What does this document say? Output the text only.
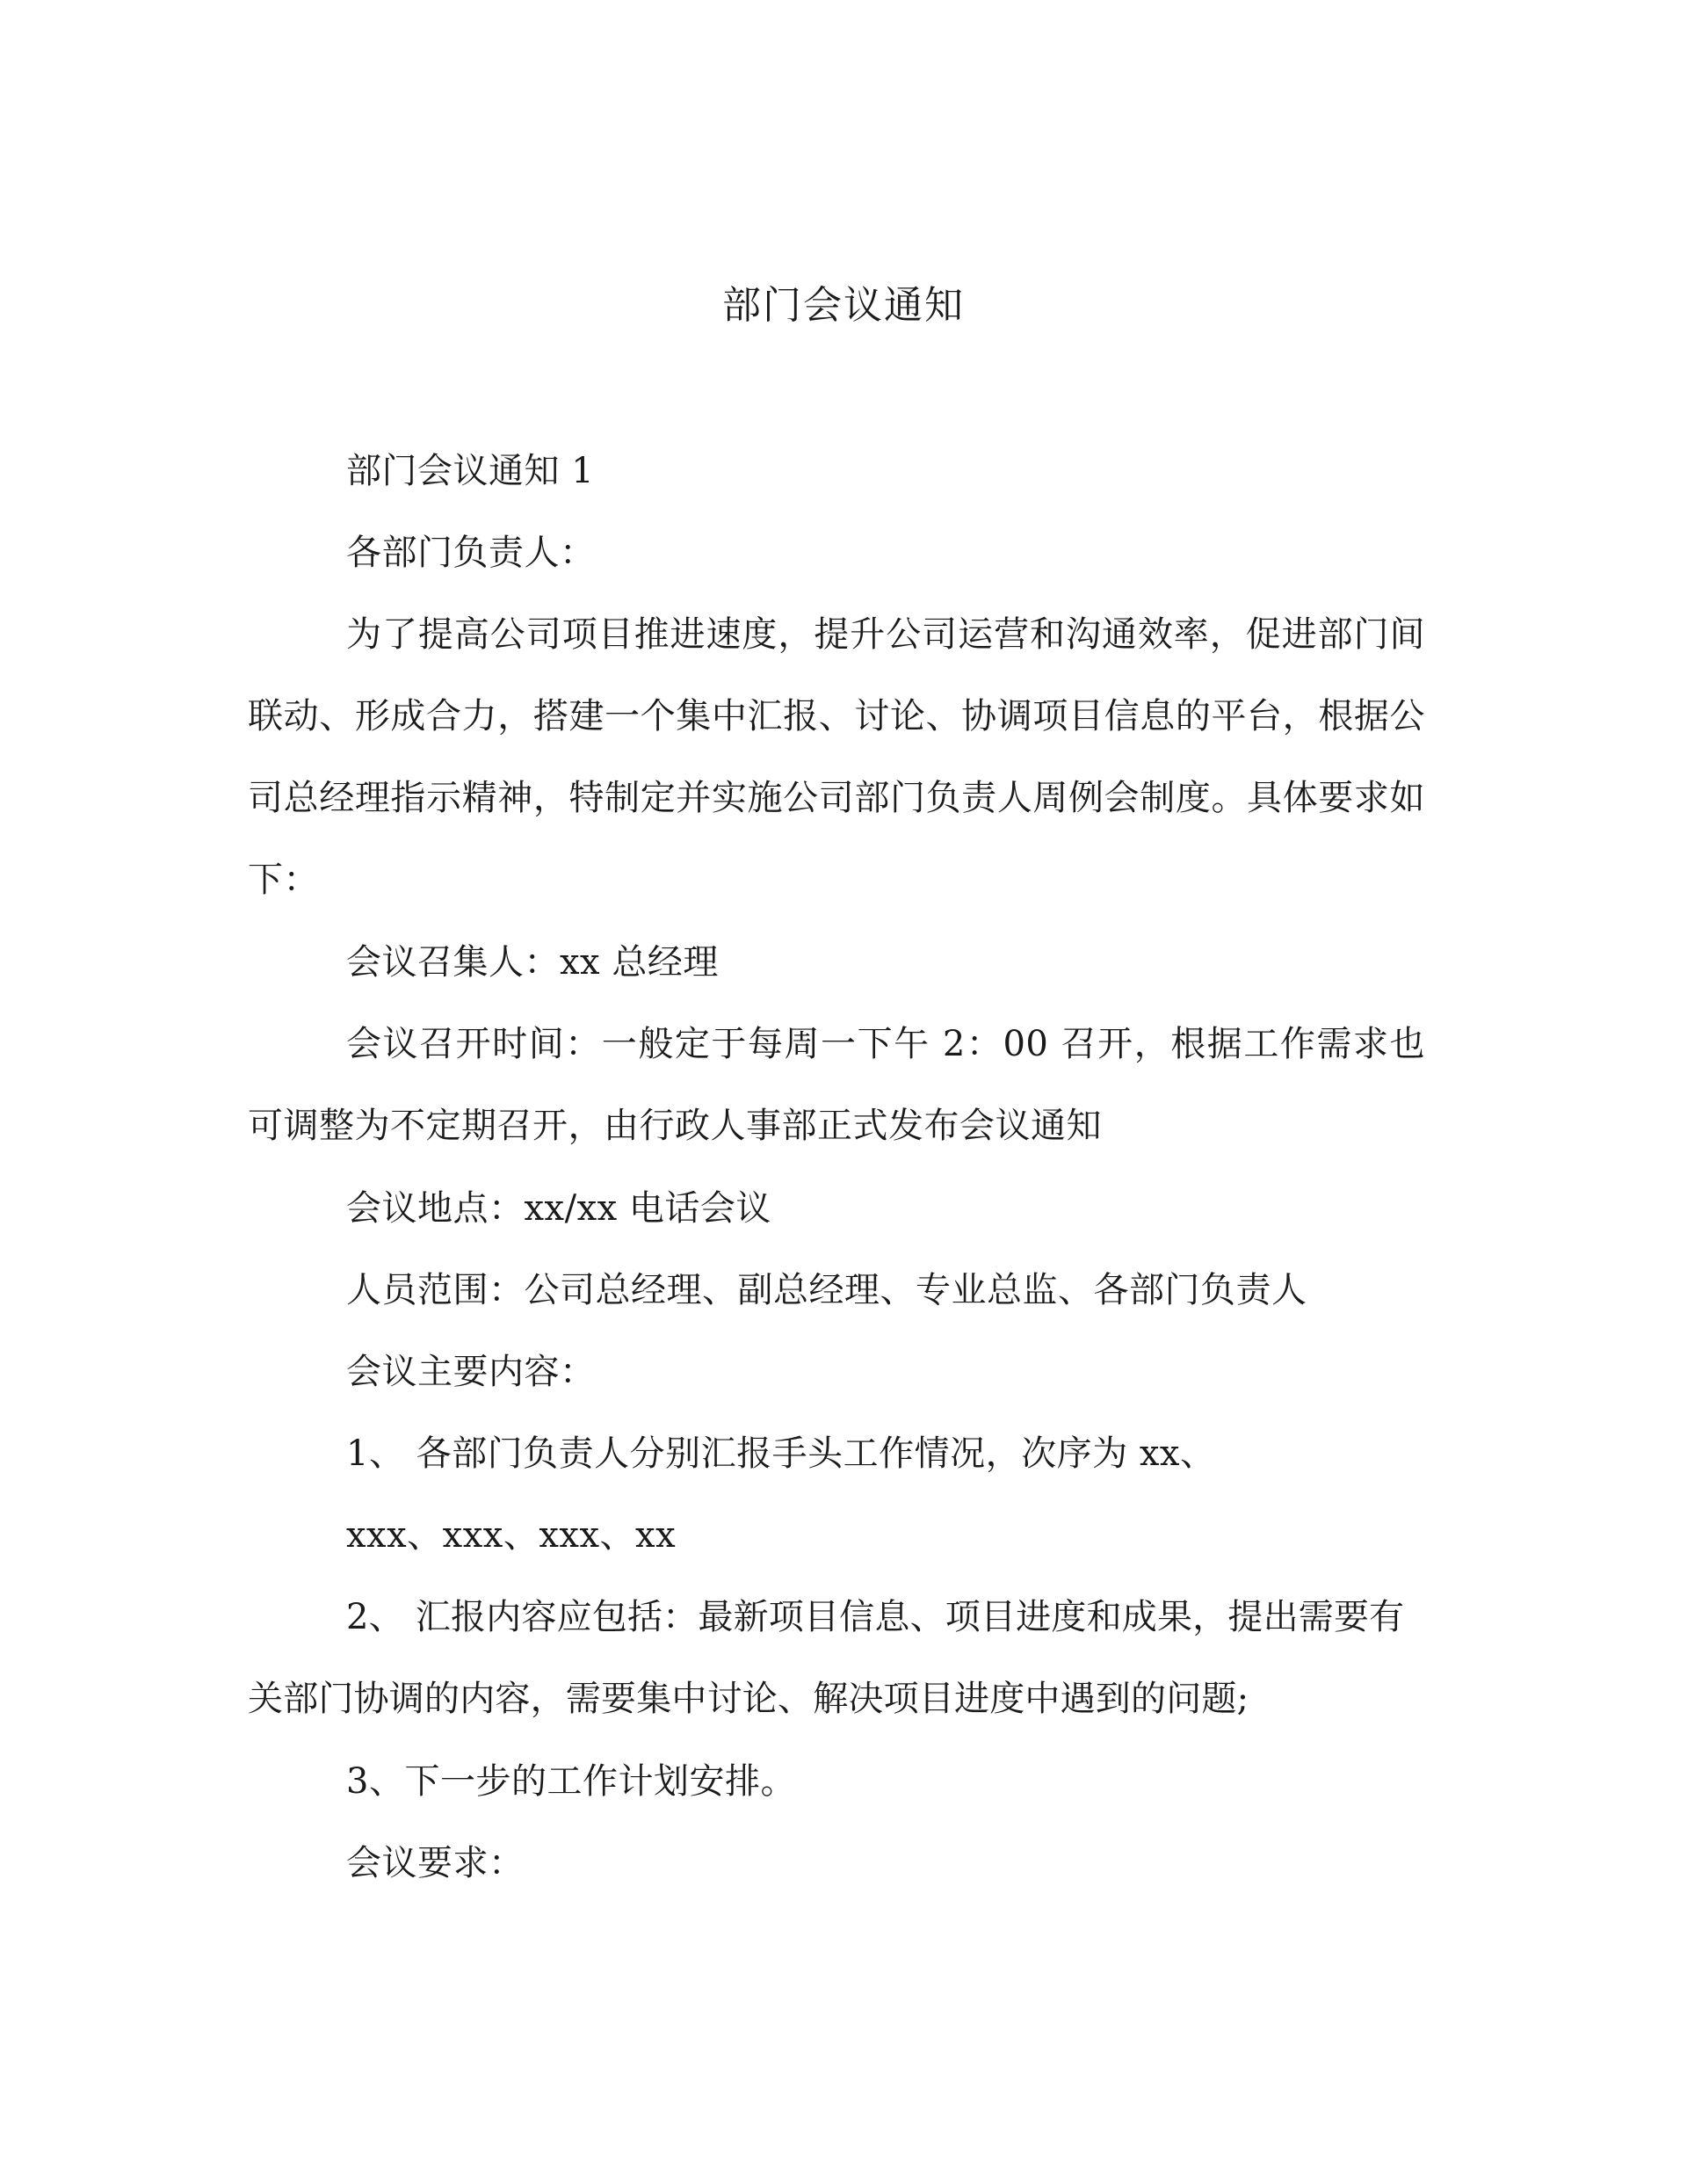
部门会议通知

部门会议通知 1

各部门负责人：

为了提高公司项目推进速度，提升公司运营和沟通效率，促进部门间联动、形成合力，搭建一个集中汇报、讨论、协调项目信息的平台，根据公司总经理指示精神，特制定并实施公司部门负责人周例会制度。具体要求如下：

会议召集人：xx 总经理

会议召开时间：一般定于每周一下午 2：00 召开，根据工作需求也可调整为不定期召开，由行政人事部正式发布会议通知

会议地点：xx/xx 电话会议

人员范围：公司总经理、副总经理、专业总监、各部门负责人

会议主要内容：

1、 各部门负责人分别汇报手头工作情况，次序为 xx、

xxx、xxx、xxx、xx

2、 汇报内容应包括：最新项目信息、项目进度和成果，提出需要有关部门协调的内容，需要集中讨论、解决项目进度中遇到的问题;

3、下一步的工作计划安排。

会议要求：
